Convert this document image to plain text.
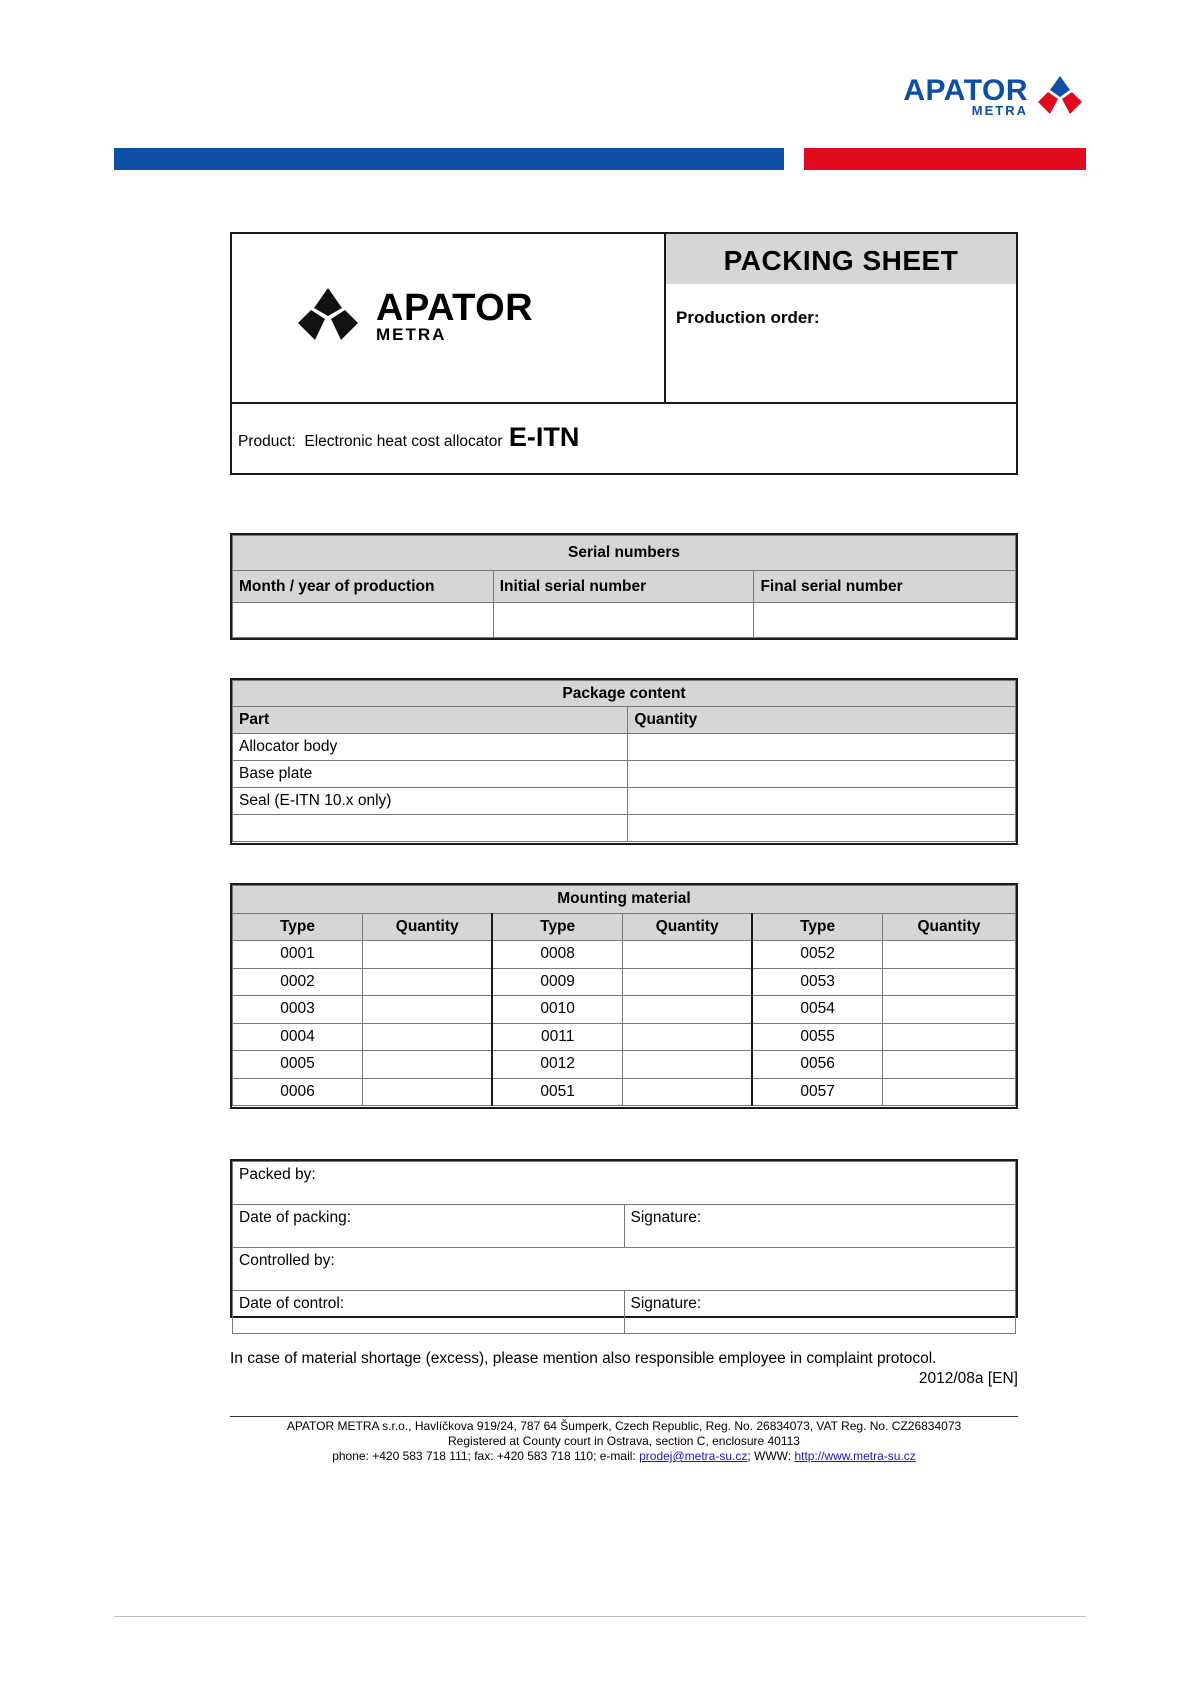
APATOR
METRA
APATOR
METRA
PACKING SHEET
Production order:
Product: Electronic heat cost allocator E-ITN
Serial numbers		
Month / year of production	Initial serial number	Final serial number

Package content	
Part	Quantity
Allocator body	
Base plate	
Seal (E-ITN 10.x only)	

Mounting material					
Type	Quantity	Type	Quantity	Type	Quantity
0001		0008		0052	
0002		0009		0053	
0003		0010		0054	
0004		0011		0055	
0005		0012		0056	
0006		0051		0057	
Packed by:	
Date of packing:	Signature:
Controlled by:	
Date of control:	Signature:
In case of material shortage (excess), please mention also responsible employee in complaint protocol.
2012/08a [EN]
APATOR METRA s.r.o., Havlíčkova 919/24, 787 64 Šumperk, Czech Republic, Reg. No. 26834073, VAT Reg. No. CZ26834073
Registered at County court in Ostrava, section C, enclosure 40113
phone: +420 583 718 111; fax: +420 583 718 110; e-mail: prodej@metra-su.cz; WWW: http://www.metra-su.cz
